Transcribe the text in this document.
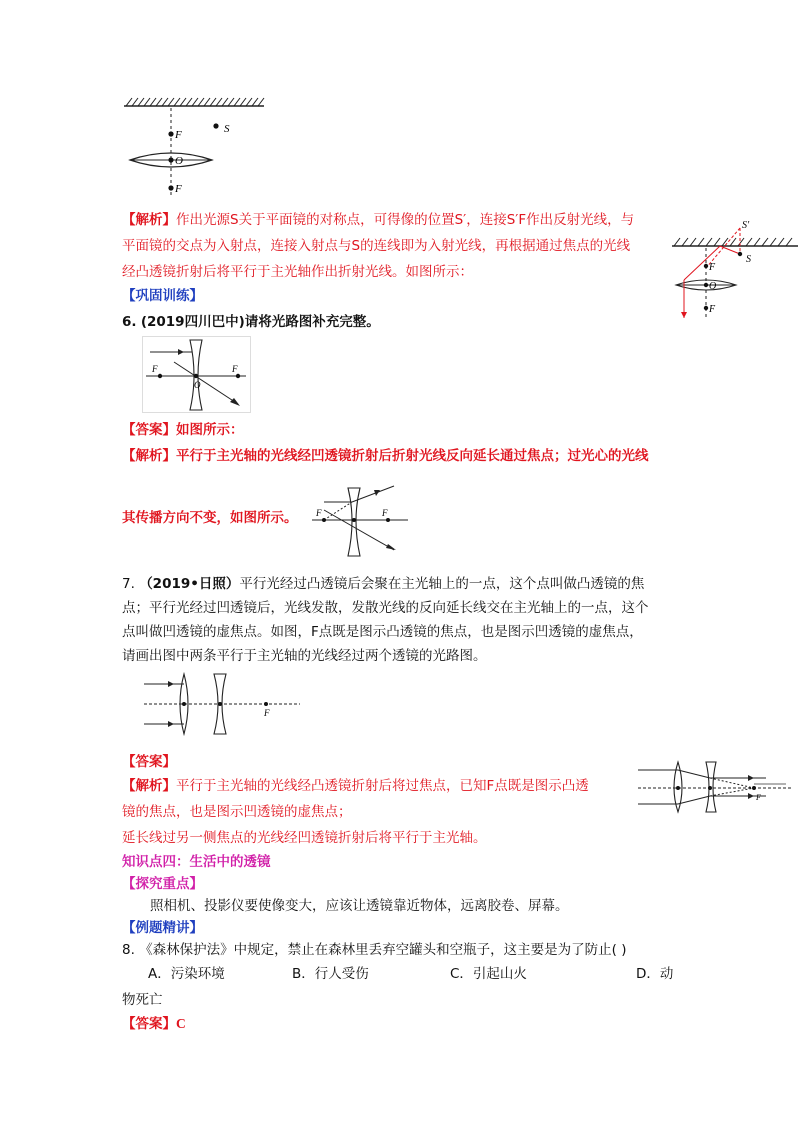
F
O
F
S
【解析】作出光源S关于平面镜的对称点，可得像的位置S′，连接S′F作出反射光线，与
平面镜的交点为入射点，连接入射点与S的连线即为入射光线，再根据通过焦点的光线
经凸透镜折射后将平行于主光轴作出折射光线。如图所示：
S′
S
F
O
F
【巩固训练】
6. (2019四川巴中)请将光路图补充完整。
F	F
O
【答案】如图所示：
【解析】平行于主光轴的光线经凹透镜折射后折射光线反向延长通过焦点；过光心的光线
其传播方向不变，如图所示。 F	F
7. （2019•日照）平行光经过凸透镜后会聚在主光轴上的一点，这个点叫做凸透镜的焦
点；平行光经过凹透镜后，光线发散，发散光线的反向延长线交在主光轴上的一点，这个
点叫做凹透镜的虚焦点。如图，F点既是图示凸透镜的焦点，也是图示凹透镜的虚焦点，
请画出图中两条平行于主光轴的光线经过两个透镜的光路图。
F
【答案】
【解析】平行于主光轴的光线经凸透镜折射后将过焦点，已知F点既是图示凸透
镜的焦点，也是图示凹透镜的虚焦点；
延长线过另一侧焦点的光线经凹透镜折射后将平行于主光轴。
F
知识点四：生活中的透镜
【探究重点】
照相机、投影仪要使像变大，应该让透镜靠近物体，远离胶卷、屏幕。
【例题精讲】
8. 《森林保护法》中规定，禁止在森林里丢弃空罐头和空瓶子，这主要是为了防止( )
A．污染环境	B．行人受伤	C．引起山火	D．动
物死亡
【答案】C
